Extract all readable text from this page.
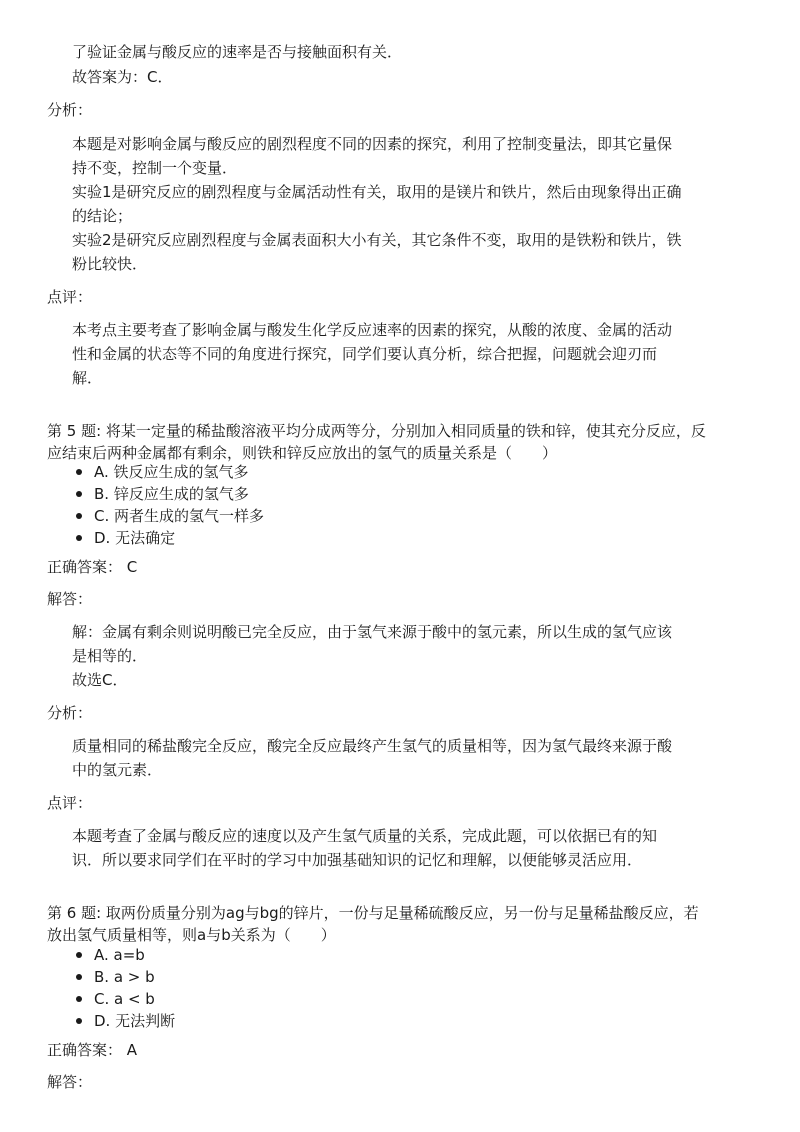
了验证金属与酸反应的速率是否与接触面积有关．
故答案为：C．
分析：
本题是对影响金属与酸反应的剧烈程度不同的因素的探究，利用了控制变量法，即其它量保
持不变，控制一个变量．
实验1是研究反应的剧烈程度与金属活动性有关，取用的是镁片和铁片，然后由现象得出正确
的结论；
实验2是研究反应剧烈程度与金属表面积大小有关，其它条件不变，取用的是铁粉和铁片，铁
粉比较快．
点评：
本考点主要考查了影响金属与酸发生化学反应速率的因素的探究，从酸的浓度、金属的活动
性和金属的状态等不同的角度进行探究，同学们要认真分析，综合把握，问题就会迎刃而
解．
第 5 题: 将某一定量的稀盐酸溶液平均分成两等分，分别加入相同质量的铁和锌，使其充分反应，反
应结束后两种金属都有剩余，则铁和锌反应放出的氢气的质量关系是（　　）
A. 铁反应生成的氢气多
B. 锌反应生成的氢气多
C. 两者生成的氢气一样多
D. 无法确定
正确答案： C
解答：
解：金属有剩余则说明酸已完全反应，由于氢气来源于酸中的氢元素，所以生成的氢气应该
是相等的．
故选C．
分析：
质量相同的稀盐酸完全反应，酸完全反应最终产生氢气的质量相等，因为氢气最终来源于酸
中的氢元素．
点评：
本题考查了金属与酸反应的速度以及产生氢气质量的关系，完成此题，可以依据已有的知
识．所以要求同学们在平时的学习中加强基础知识的记忆和理解，以便能够灵活应用．
第 6 题: 取两份质量分别为ag与bg的锌片，一份与足量稀硫酸反应，另一份与足量稀盐酸反应，若
放出氢气质量相等，则a与b关系为（　　）
A. a=b
B. a > b
C. a < b
D. 无法判断
正确答案： A
解答：
